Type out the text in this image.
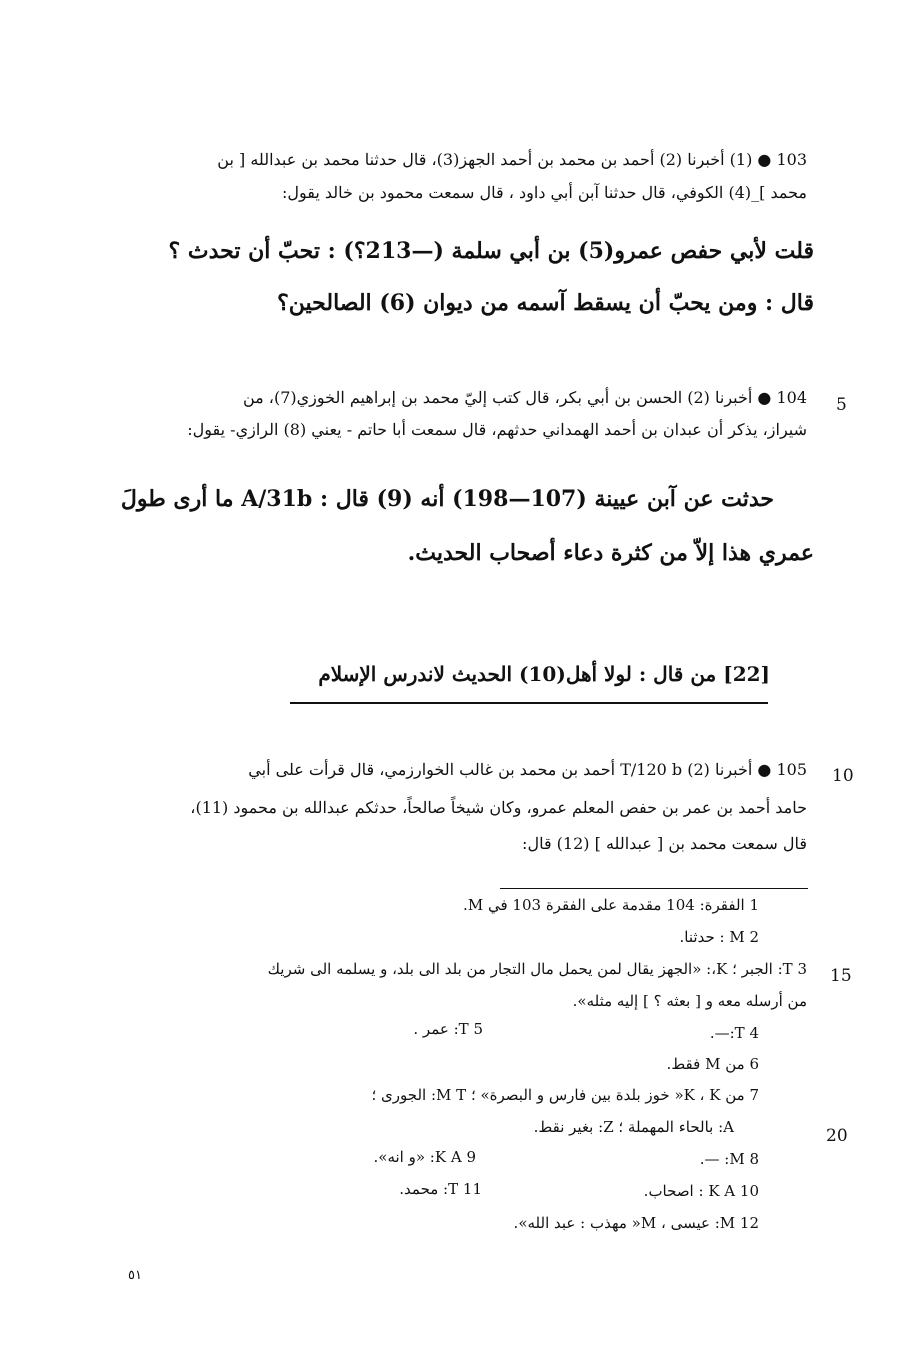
103 ● (1) أخبرنا (2) أحمد بن محمد بن أحمد الجهز(3)، قال حدثنا محمد بن عبدالله [ بن
محمد ]_(4) الكوفي، قال حدثنا آبن أبي داود ، قال سمعت محمود بن خالد يقول:
قلت لأبي حفص عمرو(5) بن أبي سلمة (—213؟) : تحبّ أن تحدث ؟
قال : ومن يحبّ أن يسقط آسمه من ديوان (6) الصالحين؟
5
104 ● أخبرنا (2) الحسن بن أبي بكر، قال كتب إليّ محمد بن إبراهيم الخوزي(7)، من
شيراز، يذكر أن عبدان بن أحمد الهمداني حدثهم، قال سمعت أبا حاتم - يعني (8) الرازي- يقول:
حدثت عن آبن عيينة (107—198) أنه (9) قال : A/31b ما أرى طولَ
عمري هذا إلاّ من كثرة دعاء أصحاب الحديث.
[22] من قال : لولا أهل(10) الحديث لاندرس الإسلام
10
105 ● أخبرنا (2) T/120 b أحمد بن محمد بن غالب الخوارزمي، قال قرأت على أبي
حامد أحمد بن عمر بن حفص المعلم عمرو، وكان شيخاً صالحاً، حدثكم عبدالله بن محمود (11)،
قال سمعت محمد بن [ عبدالله ] (12) قال:
1 الفقرة: 104 مقدمة على الفقرة 103 في M.
2 M : حدثنا.
15
3 T: الجبر ؛ K،: «الجهز يقال لمن يحمل مال التجار من بلد الى بلد، و يسلمه الى شريك
من أرسله معه و [ بعثه ؟ ] إليه مثله».
4 T:—.
5 T: عمر .
6 من M فقط.
7 من K ، K« خوز بلدة بين فارس و البصرة» ؛ M T: الجورى ؛
20
A: بالحاء المهملة ؛ Z: بغير نقط.
8 M: —.
9 K A: «و انه».
10 K A : اصحاب.
11 T: محمد.
12 M: عيسى ، M« مهذب : عبد الله».
٥١
